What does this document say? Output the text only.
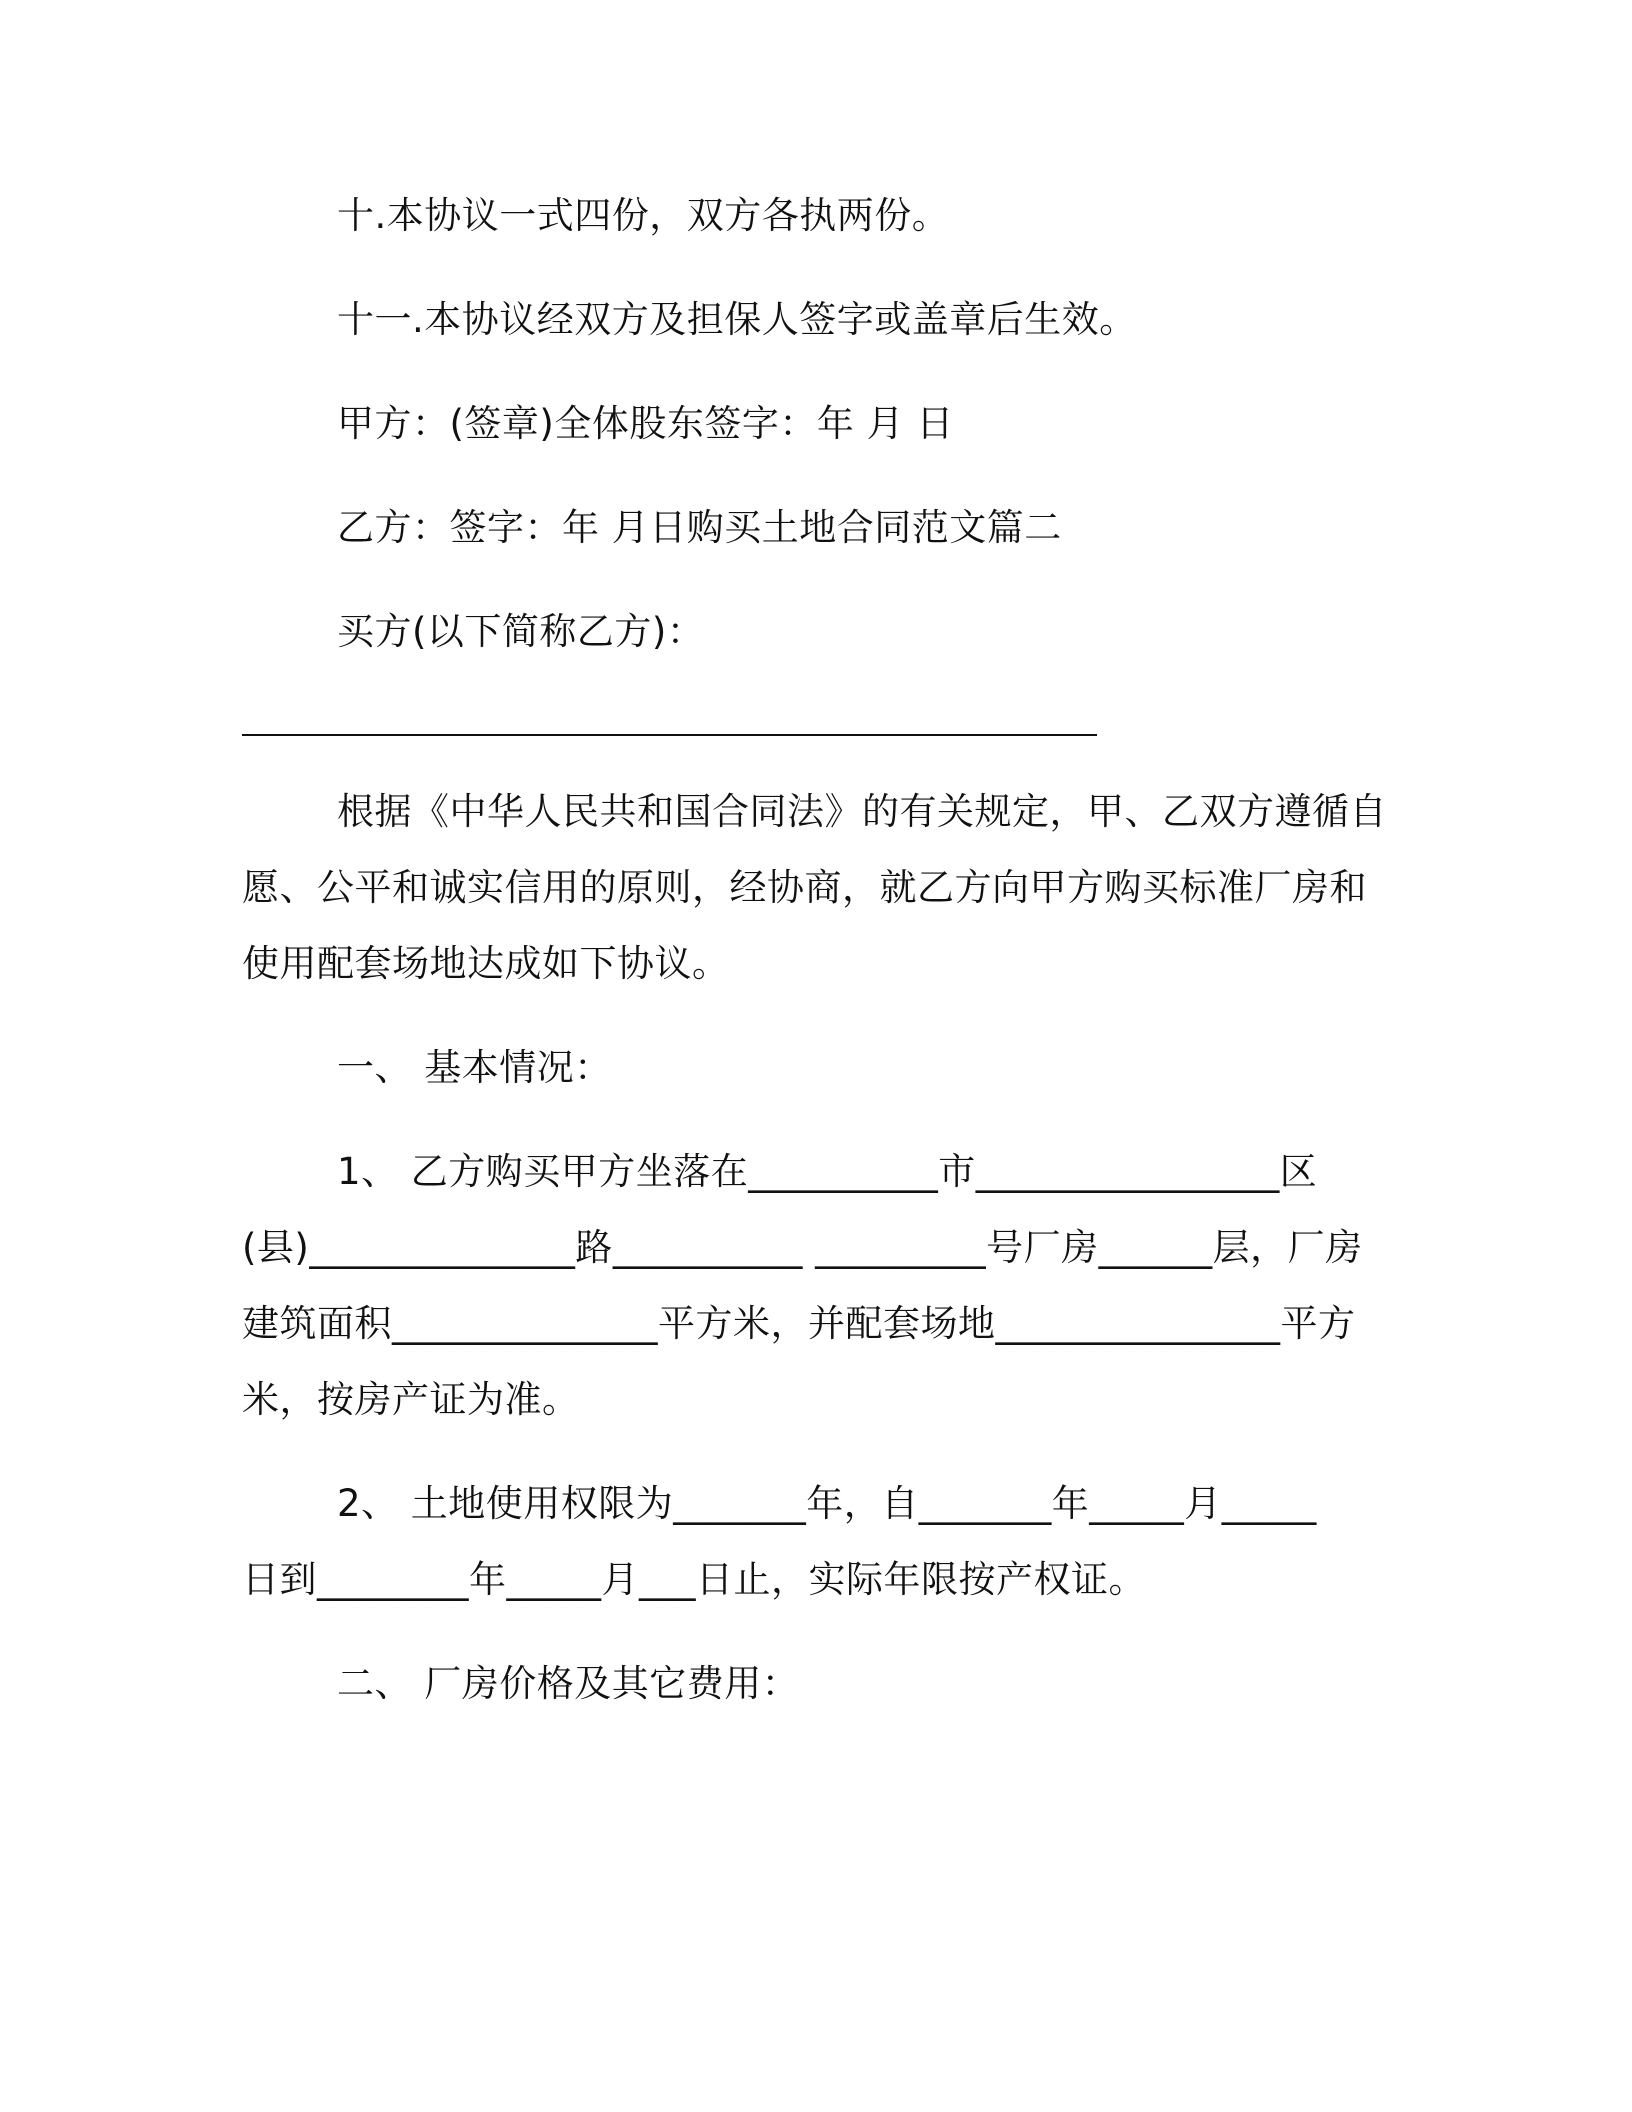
十.本协议一式四份，双方各执两份。
十一.本协议经双方及担保人签字或盖章后生效。
甲方：(签章)全体股东签字：年 月 日
乙方：签字：年 月日购买土地合同范文篇二
买方(以下简称乙方)：
根据《中华人民共和国合同法》的有关规定，甲、乙双方遵循自
愿、公平和诚实信用的原则，经协商，就乙方向甲方购买标准厂房和
使用配套场地达成如下协议。
一、 基本情况：
1、 乙方购买甲方坐落在__________市________________区
(县)______________路__________ _________号厂房______层，厂房
建筑面积______________平方米，并配套场地_______________平方
米，按房产证为准。
2、 土地使用权限为_______年，自_______年_____月_____
日到________年_____月___日止，实际年限按产权证。
二、 厂房价格及其它费用：
